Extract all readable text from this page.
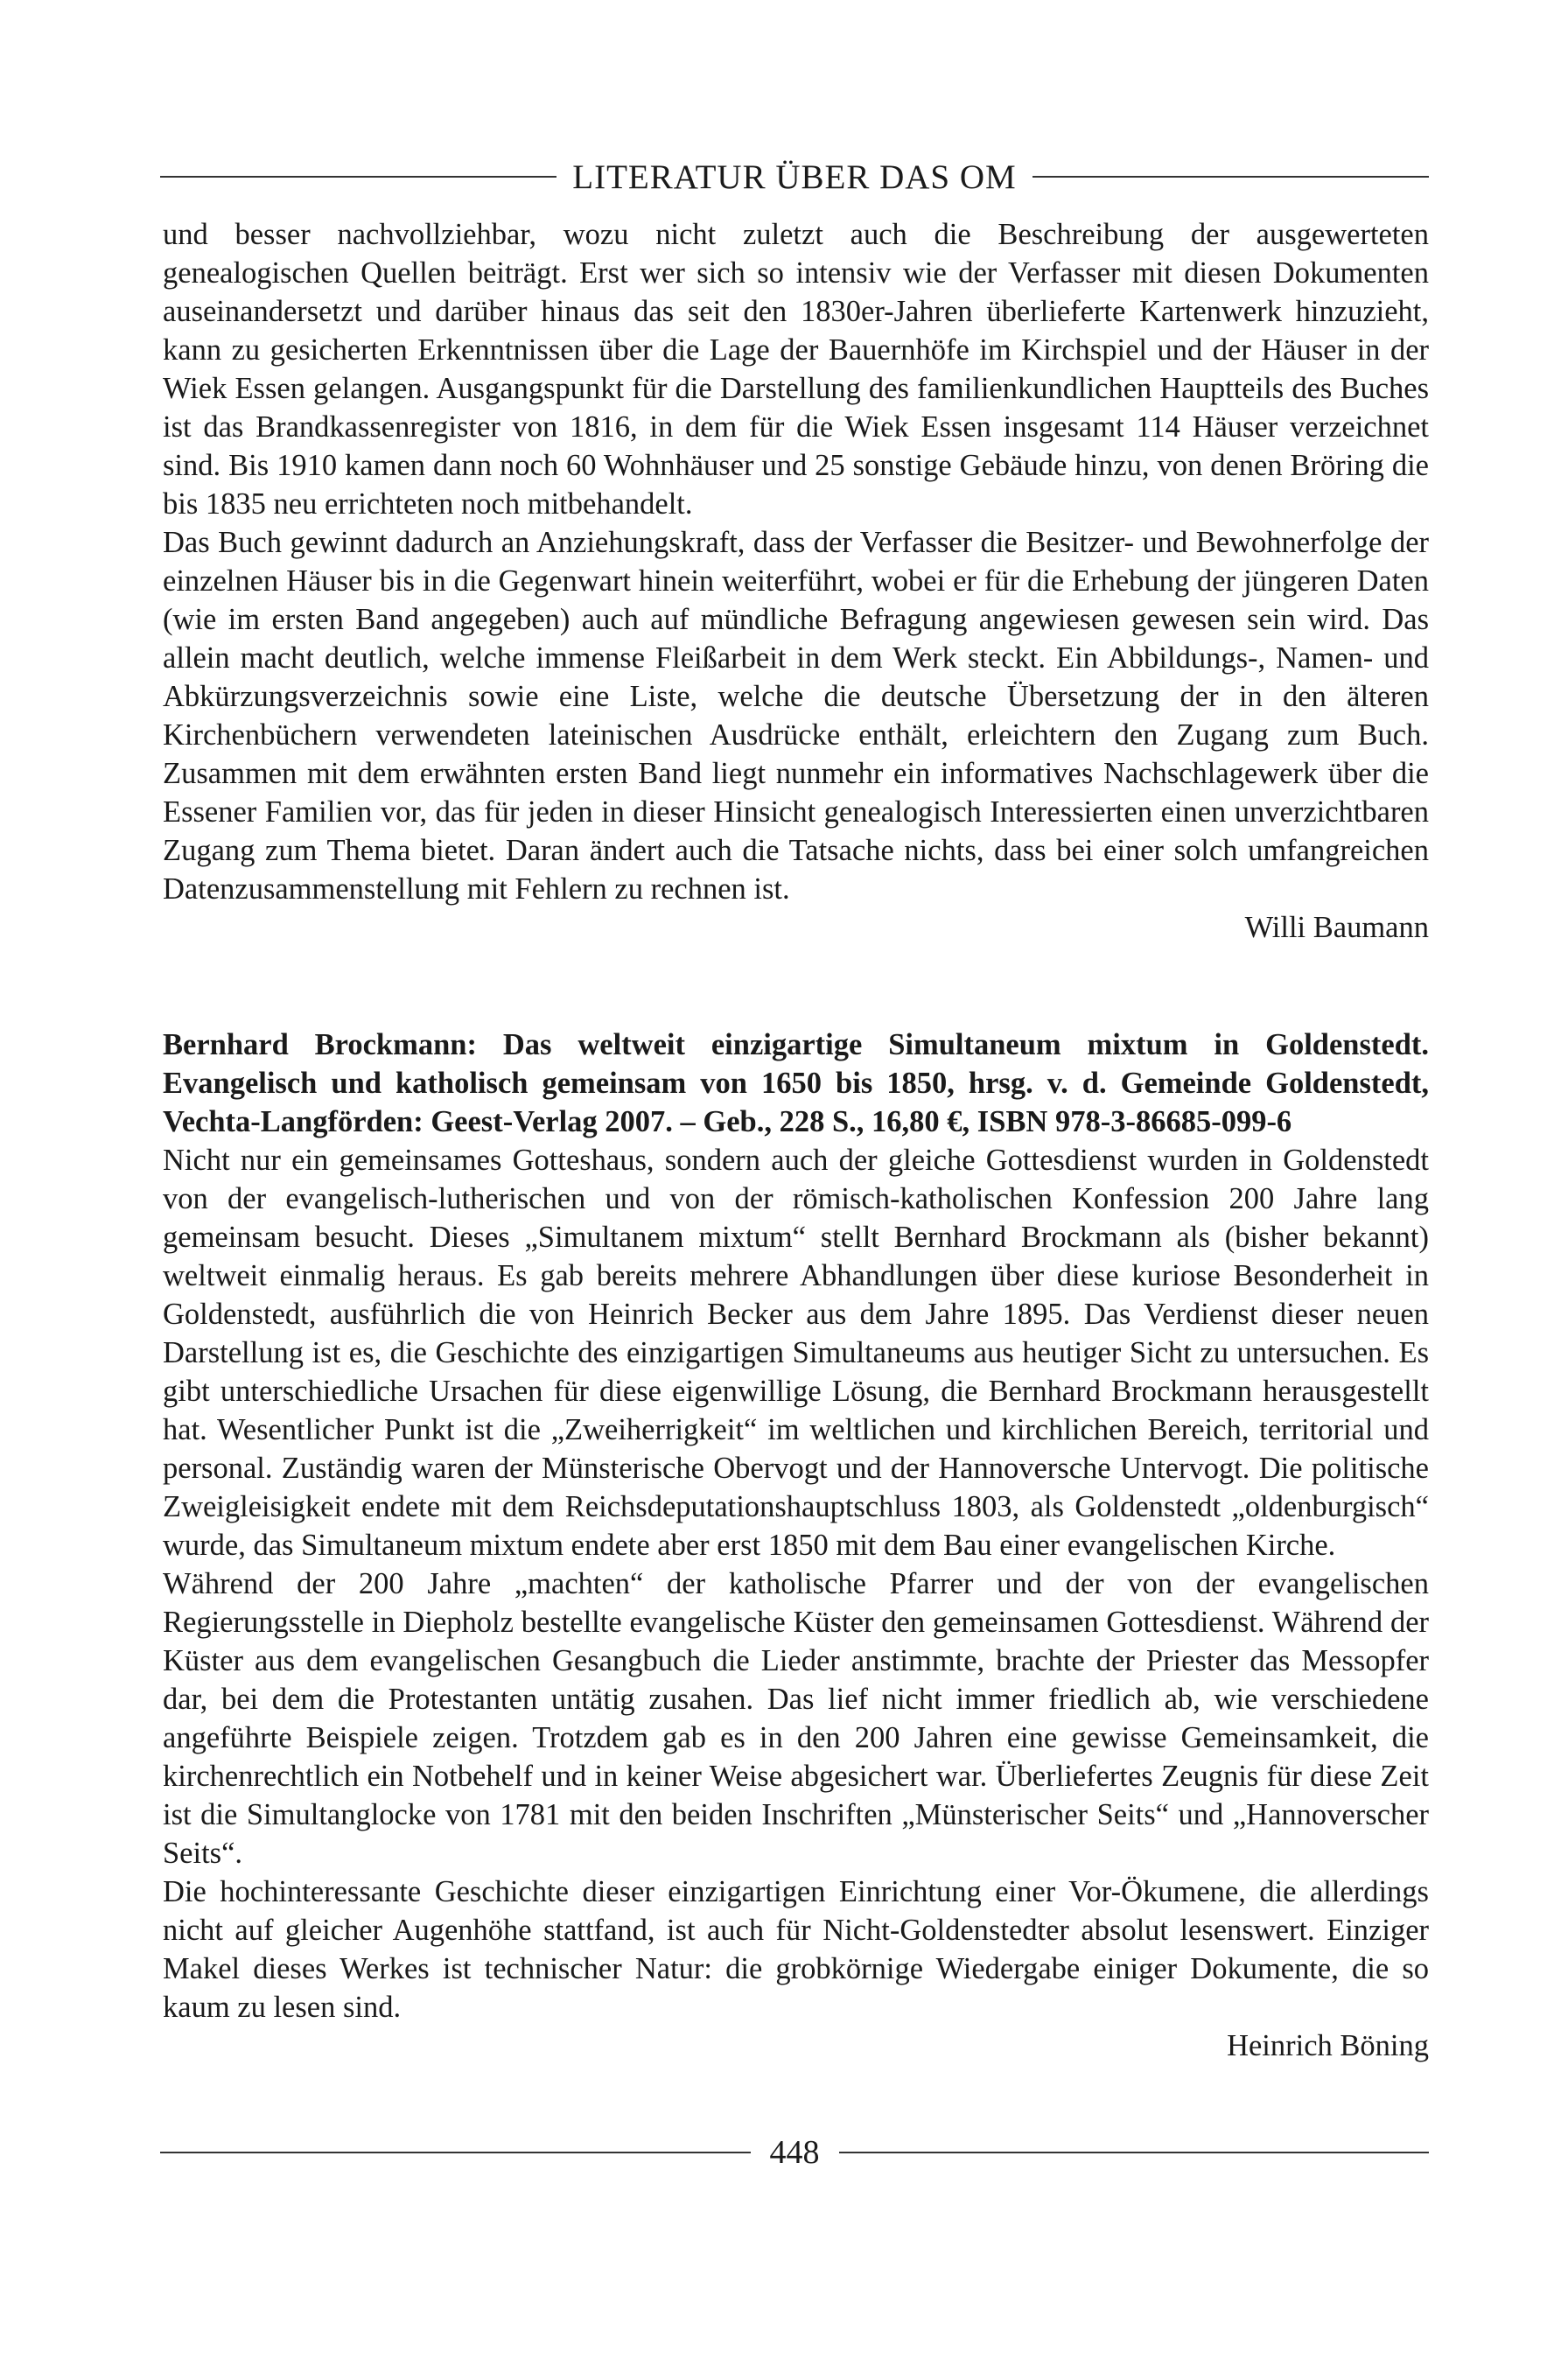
LITERATUR ÜBER DAS OM

und besser nachvollziehbar, wozu nicht zuletzt auch die Beschreibung der ausgewerteten genealogischen Quellen beiträgt. Erst wer sich so intensiv wie der Verfasser mit diesen Dokumenten auseinandersetzt und darüber hinaus das seit den 1830er-Jahren überlieferte Kartenwerk hinzuzieht, kann zu gesicherten Erkenntnissen über die Lage der Bauernhöfe im Kirchspiel und der Häuser in der Wiek Essen gelangen. Ausgangspunkt für die Darstellung des familienkundlichen Hauptteils des Buches ist das Brandkassenregister von 1816, in dem für die Wiek Essen insgesamt 114 Häuser verzeichnet sind. Bis 1910 kamen dann noch 60 Wohnhäuser und 25 sonstige Gebäude hinzu, von denen Bröring die bis 1835 neu errichteten noch mitbehandelt.

Das Buch gewinnt dadurch an Anziehungskraft, dass der Verfasser die Besitzer- und Bewohnerfolge der einzelnen Häuser bis in die Gegenwart hinein weiterführt, wobei er für die Erhebung der jüngeren Daten (wie im ersten Band angegeben) auch auf mündliche Befragung angewiesen gewesen sein wird. Das allein macht deutlich, welche immense Fleißarbeit in dem Werk steckt. Ein Abbildungs-, Namen- und Abkürzungsverzeichnis sowie eine Liste, welche die deutsche Übersetzung der in den älteren Kirchenbüchern verwendeten lateinischen Ausdrücke enthält, erleichtern den Zugang zum Buch. Zusammen mit dem erwähnten ersten Band liegt nunmehr ein informatives Nachschlagewerk über die Essener Familien vor, das für jeden in dieser Hinsicht genealogisch Interessierten einen unverzichtbaren Zugang zum Thema bietet. Daran ändert auch die Tatsache nichts, dass bei einer solch umfangreichen Datenzusammenstellung mit Fehlern zu rechnen ist.

Willi Baumann

Bernhard Brockmann: Das weltweit einzigartige Simultaneum mixtum in Goldenstedt. Evangelisch und katholisch gemeinsam von 1650 bis 1850, hrsg. v. d. Gemeinde Goldenstedt, Vechta-Langförden: Geest-Verlag 2007. – Geb., 228 S., 16,80 €, ISBN 978-3-86685-099-6

Nicht nur ein gemeinsames Gotteshaus, sondern auch der gleiche Gottesdienst wurden in Goldenstedt von der evangelisch-lutherischen und von der römisch-katholischen Konfession 200 Jahre lang gemeinsam besucht. Dieses „Simultanem mixtum“ stellt Bernhard Brockmann als (bisher bekannt) weltweit einmalig heraus. Es gab bereits mehrere Abhandlungen über diese kuriose Besonderheit in Goldenstedt, ausführlich die von Heinrich Becker aus dem Jahre 1895. Das Verdienst dieser neuen Darstellung ist es, die Geschichte des einzigartigen Simultaneums aus heutiger Sicht zu untersuchen. Es gibt unterschiedliche Ursachen für diese eigenwillige Lösung, die Bernhard Brockmann herausgestellt hat. Wesentlicher Punkt ist die „Zweiherrigkeit“ im weltlichen und kirchlichen Bereich, territorial und personal. Zuständig waren der Münsterische Obervogt und der Hannoversche Untervogt. Die politische Zweigleisigkeit endete mit dem Reichsdeputationshauptschluss 1803, als Goldenstedt „oldenburgisch“ wurde, das Simultaneum mixtum endete aber erst 1850 mit dem Bau einer evangelischen Kirche.

Während der 200 Jahre „machten“ der katholische Pfarrer und der von der evangelischen Regierungsstelle in Diepholz bestellte evangelische Küster den gemeinsamen Gottesdienst. Während der Küster aus dem evangelischen Gesangbuch die Lieder anstimmte, brachte der Priester das Messopfer dar, bei dem die Protestanten untätig zusahen. Das lief nicht immer friedlich ab, wie verschiedene angeführte Beispiele zeigen. Trotzdem gab es in den 200 Jahren eine gewisse Gemeinsamkeit, die kirchenrechtlich ein Notbehelf und in keiner Weise abgesichert war. Überliefertes Zeugnis für diese Zeit ist die Simultanglocke von 1781 mit den beiden Inschriften „Münsterischer Seits“ und „Hannoverscher Seits“.

Die hochinteressante Geschichte dieser einzigartigen Einrichtung einer Vor-Ökumene, die allerdings nicht auf gleicher Augenhöhe stattfand, ist auch für Nicht-Goldenstedter absolut lesenswert. Einziger Makel dieses Werkes ist technischer Natur: die grobkörnige Wiedergabe einiger Dokumente, die so kaum zu lesen sind.

Heinrich Böning

448
